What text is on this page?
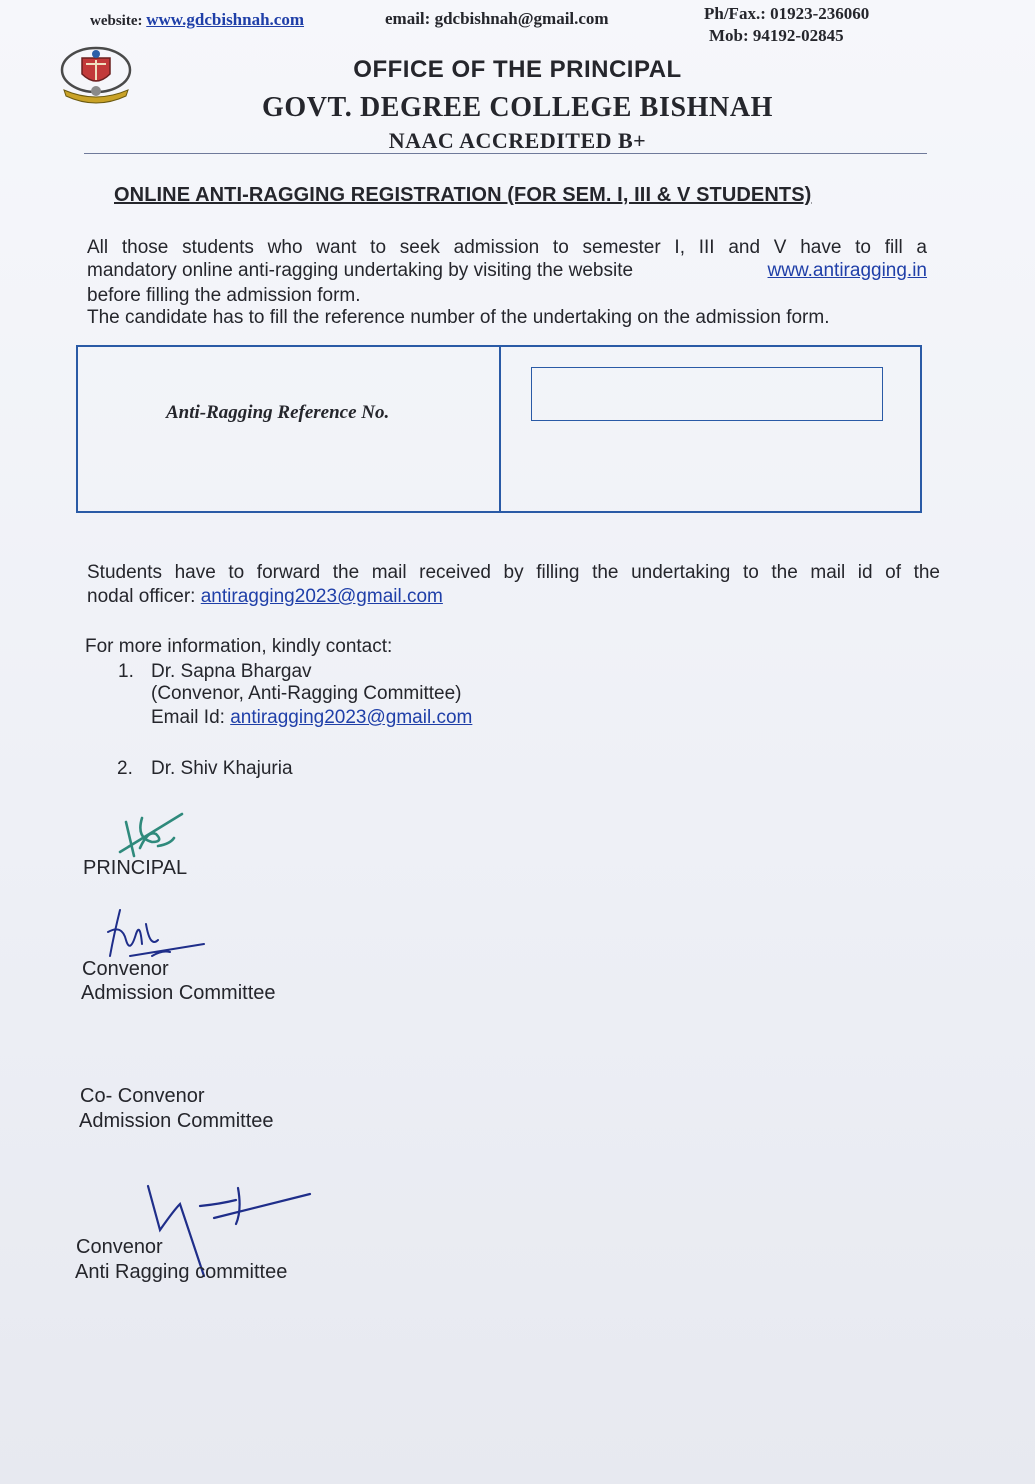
website: www.gdcbishnah.com	email: gdcbishnah@gmail.com	Ph/Fax.: 01923-236060
Mob: 94192-02845
OFFICE OF THE PRINCIPAL
GOVT. DEGREE COLLEGE BISHNAH
NAAC ACCREDITED B+
ONLINE ANTI-RAGGING REGISTRATION (FOR SEM. I, III & V STUDENTS)
All those students who want to seek admission to semester I, III and V have to fill a
mandatory online anti-ragging undertaking by visiting the website	www.antiragging.in
before filling the admission form.
The candidate has to fill the reference number of the undertaking on the admission form.
Anti-Ragging Reference No.
Students have to forward the mail received by filling the undertaking to the mail id of the
nodal officer: antiragging2023@gmail.com
For more information, kindly contact:
1. Dr. Sapna Bhargav
(Convenor, Anti-Ragging Committee)
Email Id: antiragging2023@gmail.com
2. Dr. Shiv Khajuria
PRINCIPAL
Convenor
Admission Committee
Co- Convenor
Admission Committee
Convenor
Anti Ragging committee
